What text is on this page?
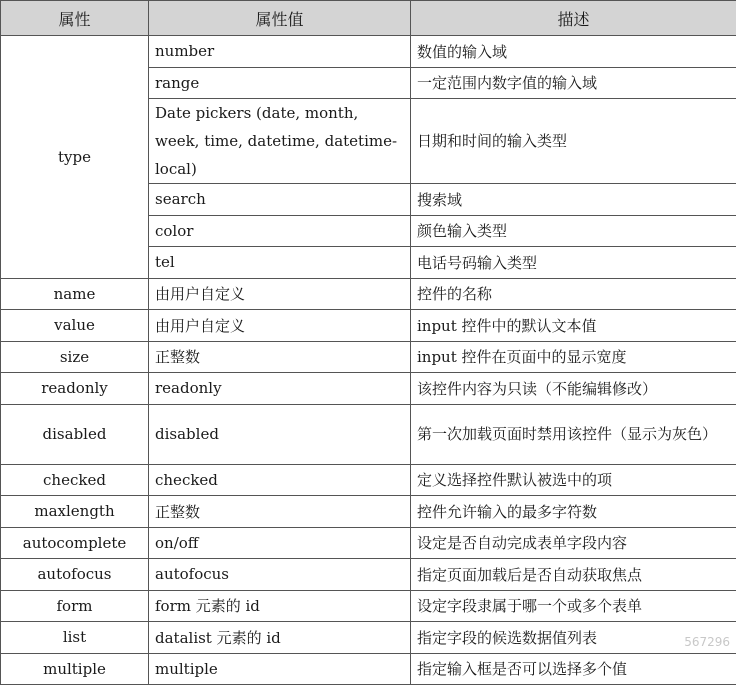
属性	属性值	描述
type	number	数值的输入域
	range	一定范围内数字值的输入域
	Date pickers (date, month, week, time, datetime, datetime-local)	日期和时间的输入类型
	search	搜索域
	color	颜色输入类型
	tel	电话号码输入类型
name	由用户自定义	控件的名称
value	由用户自定义	input 控件中的默认文本值
size	正整数	input 控件在页面中的显示宽度
readonly	readonly	该控件内容为只读（不能编辑修改）
disabled	disabled	第一次加载页面时禁用该控件（显示为灰色）
checked	checked	定义选择控件默认被选中的项
maxlength	正整数	控件允许输入的最多字符数
autocomplete	on/off	设定是否自动完成表单字段内容
autofocus	autofocus	指定页面加载后是否自动获取焦点
form	form 元素的 id	设定字段隶属于哪一个或多个表单
list	datalist 元素的 id	指定字段的候选数据值列表
multiple	multiple	指定输入框是否可以选择多个值
567296
